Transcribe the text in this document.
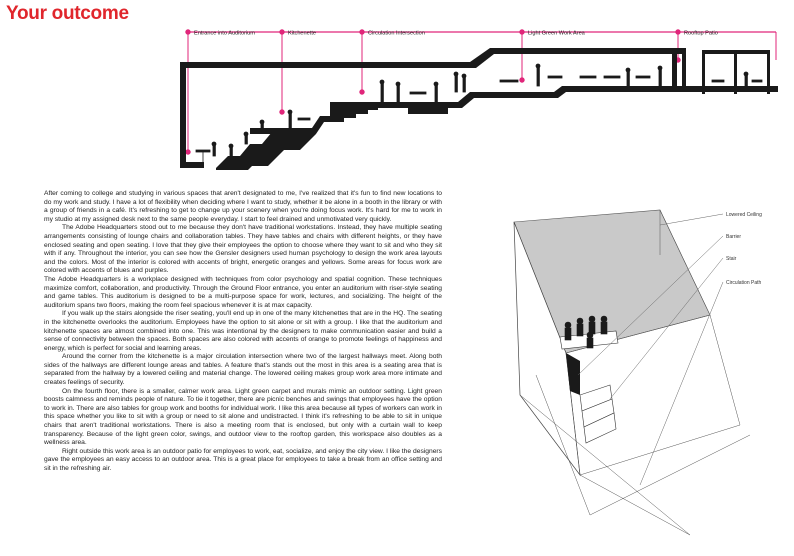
Your outcome
Entrance into Auditorium	Kitchenette	Circulation Intersection	Light Green Work Area	Rooftop Patio

After coming to college and studying in various spaces that aren't designated to me, I've realized that it's fun to find new locations to do my work and study. I have a lot of flexibility when deciding where I want to study, whether it be alone in a booth in the library or with a group of friends in a café. It's refreshing to get to change up your scenery when you're doing focus work. It's hard for me to work in my studio at my assigned desk next to the same people everyday. I start to feel drained and unmotivated very quickly.

The Adobe Headquarters stood out to me because they don't have traditional workstations. Instead, they have multiple seating arrangements consisting of lounge chairs and collaboration tables. They have tables and chairs with different heights, or they have enclosed seating and open seating. I love that they give their employees the option to choose where they want to sit and who they sit with if any. Throughout the interior, you can see how the Gensler designers used human psychology to design the work area layouts and the colors. Most of the interior is colored with accents of bright, energetic oranges and yellows. Some areas for focus work are colored with accents of blues and purples.

The Adobe Headquarters is a workplace designed with techniques from color psychology and spatial cognition. These techniques maximize comfort, collaboration, and productivity. Through the Ground Floor entrance, you enter an auditorium with riser-style seating and game tables. This auditorium is designed to be a multi-purpose space for work, lectures, and socializing. The height of the auditorium spans two floors, making the room feel spacious whenever it is at max capacity.

If you walk up the stairs alongside the riser seating, you'll end up in one of the many kitchenettes that are in the HQ. The seating in the kitchenette overlooks the auditorium. Employees have the option to sit alone or sit with a group. I like that the auditorium and kitchenette spaces are almost combined into one. This was intentional by the designers to make communication easier and build a sense of connectivity between the spaces. Both spaces are also colored with accents of orange to promote feelings of happiness and energy, which is perfect for social and learning areas.

Around the corner from the kitchenette is a major circulation intersection where two of the largest hallways meet. Along both sides of the hallways are different lounge areas and tables. A feature that's stands out the most in this area is a seating area that is separated from the hallway by a lowered ceiling and material change. The lowered ceiling makes group work area more intimate and creates feelings of security.

On the fourth floor, there is a smaller, calmer work area. Light green carpet and murals mimic an outdoor setting. Light green boosts calmness and reminds people of nature. To tie it together, there are picnic benches and swings that employees have the option to work in. There are also tables for group work and booths for individual work. I like this area because all types of workers can work in this space whether you like to sit with a group or need to sit alone and undistracted. I think it's refreshing to be able to sit in unique chairs that aren't traditional workstations. There is also a meeting room that is enclosed, but only with a curtain wall to keep transparency. Because of the light green color, swings, and outdoor view to the rooftop garden, this workspace also doubles as a wellness area.

Right outside this work area is an outdoor patio for employees to work, eat, socialize, and enjoy the city view. I like the designers gave the employees an easy access to an outdoor area. This is a great place for employees to take a break from an office setting and sit in the refreshing air.

Lowered Ceiling
Barrier
Stair
Circulation Path
